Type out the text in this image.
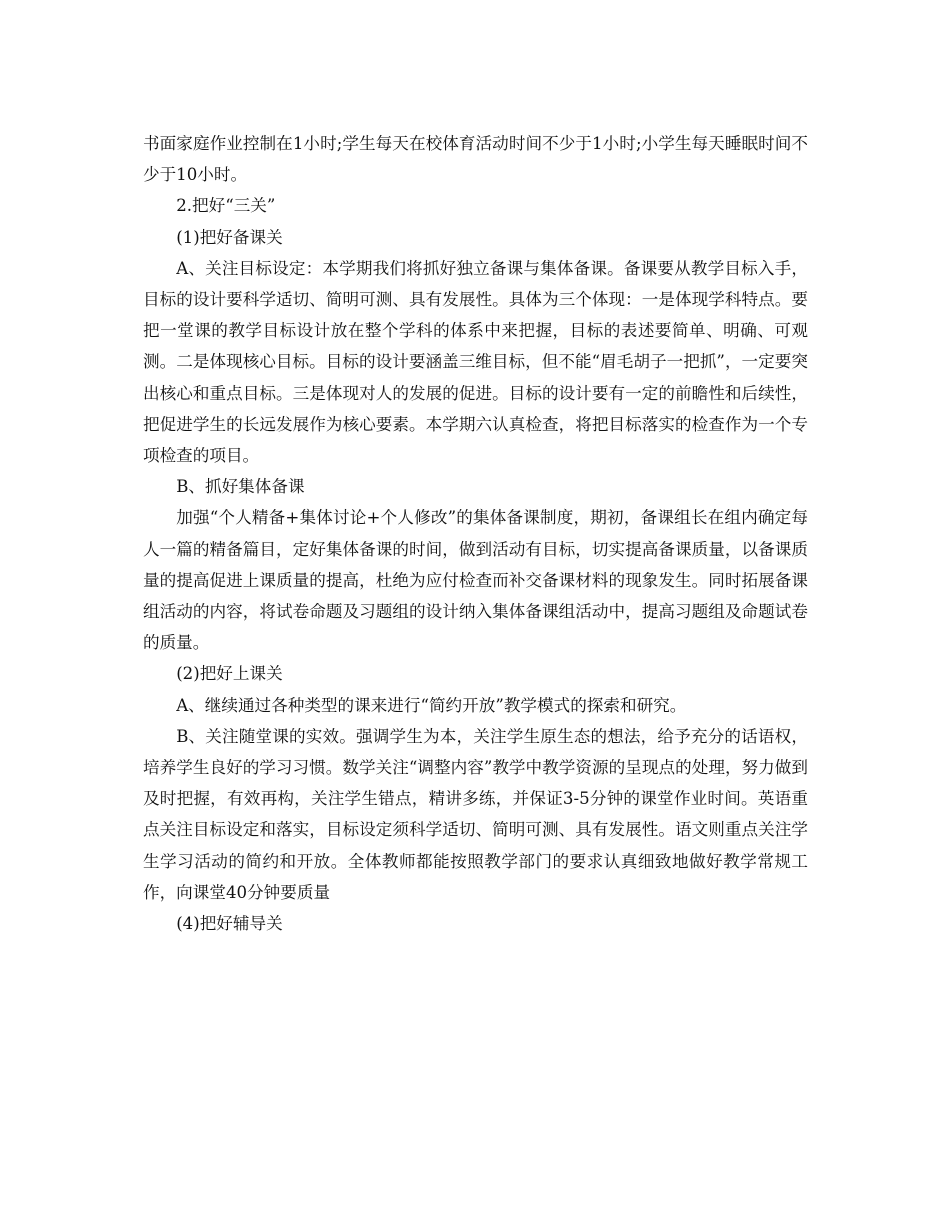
书面家庭作业控制在1小时;学生每天在校体育活动时间不少于1小时;小学生每天睡眠时间不少于10小时。

2.把好“三关”

(1)把好备课关

A、关注目标设定：本学期我们将抓好独立备课与集体备课。备课要从教学目标入手，目标的设计要科学适切、简明可测、具有发展性。具体为三个体现：一是体现学科特点。要把一堂课的教学目标设计放在整个学科的体系中来把握，目标的表述要简单、明确、可观测。二是体现核心目标。目标的设计要涵盖三维目标，但不能“眉毛胡子一把抓”，一定要突出核心和重点目标。三是体现对人的发展的促进。目标的设计要有一定的前瞻性和后续性，把促进学生的长远发展作为核心要素。本学期六认真检查，将把目标落实的检查作为一个专项检查的项目。

B、抓好集体备课

加强“个人精备+集体讨论+个人修改”的集体备课制度，期初，备课组长在组内确定每人一篇的精备篇目，定好集体备课的时间，做到活动有目标，切实提高备课质量，以备课质量的提高促进上课质量的提高，杜绝为应付检查而补交备课材料的现象发生。同时拓展备课组活动的内容，将试卷命题及习题组的设计纳入集体备课组活动中，提高习题组及命题试卷的质量。

(2)把好上课关

A、继续通过各种类型的课来进行“简约开放”教学模式的探索和研究。

B、关注随堂课的实效。强调学生为本，关注学生原生态的想法，给予充分的话语权，培养学生良好的学习习惯。数学关注“调整内容”教学中教学资源的呈现点的处理，努力做到及时把握，有效再构，关注学生错点，精讲多练，并保证3-5分钟的课堂作业时间。英语重点关注目标设定和落实，目标设定须科学适切、简明可测、具有发展性。语文则重点关注学生学习活动的简约和开放。全体教师都能按照教学部门的要求认真细致地做好教学常规工作，向课堂40分钟要质量

(4)把好辅导关
